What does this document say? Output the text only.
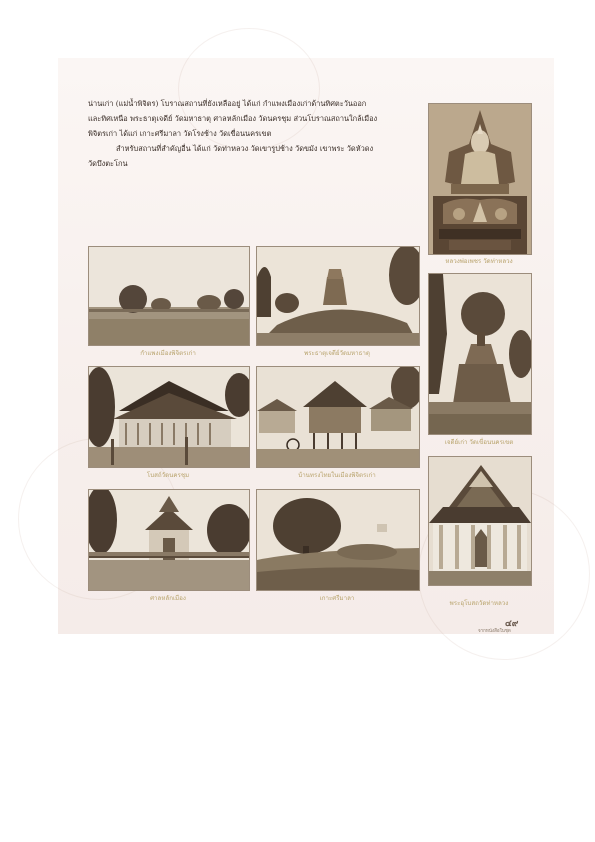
น่านเก่า (แม่น้ำพิจิตร) โบราณสถานที่ยังเหลืออยู่ ได้แก่ กำแพงเมืองเก่าด้านทิศตะวันออก

และทิศเหนือ พระธาตุเจดีย์ วัดมหาธาตุ ศาลหลักเมือง วัดนครชุม ส่วนโบราณสถานใกล้เมือง

พิจิตรเก่า ได้แก่ เกาะศรีมาลา วัดโรงช้าง วัดเขื่อนนครเขต

สำหรับสถานที่สำคัญอื่น ได้แก่ วัดท่าหลวง วัดเขารูปช้าง วัดขมัง เขาพระ วัดหัวดง

วัดบึงตะโกน

หลวงพ่อเพชร วัดท่าหลวง
กำแพงเมืองพิจิตรเก่า	พระธาตุเจดีย์วัดมหาธาตุ
เจดีย์เก่า วัดเขื่อนนครเขต
โบสถ์วัดนครชุม	บ้านทรงไทยในเมืองพิจิตรเก่า
ศาลหลักเมือง	เกาะศรีมาลา
พระอุโบสถวัดท่าหลวง
จากหนังสือในชุด
๔๙
